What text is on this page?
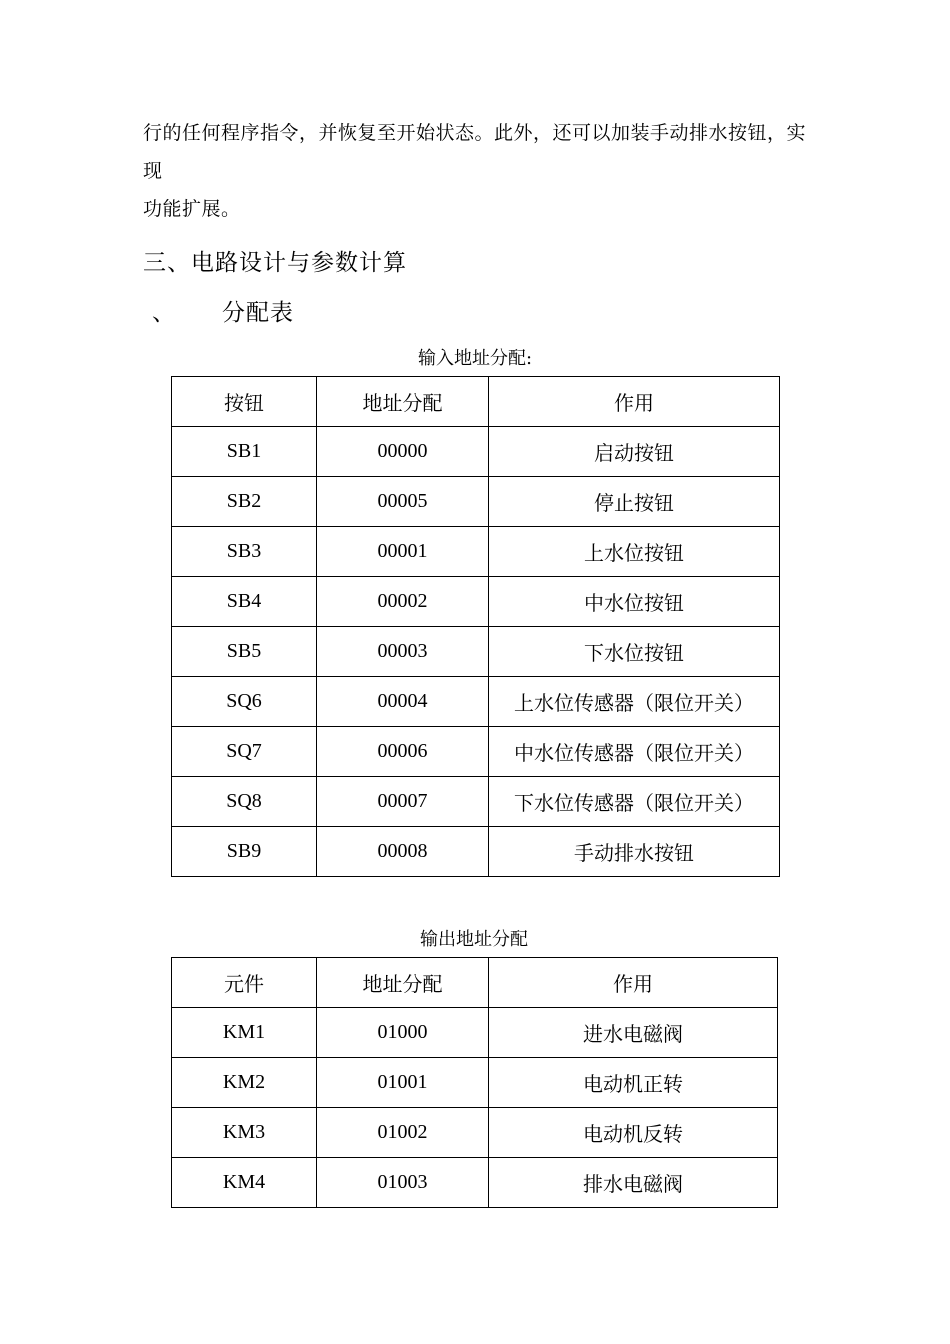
行的任何程序指令，并恢复至开始状态。此外，还可以加装手动排水按钮，实现
功能扩展。
三、电路设计与参数计算
、 分配表
输入地址分配:
按钮	地址分配	作用
SB1	00000	启动按钮
SB2	00005	停止按钮
SB3	00001	上水位按钮
SB4	00002	中水位按钮
SB5	00003	下水位按钮
SQ6	00004	上水位传感器（限位开关）
SQ7	00006	中水位传感器（限位开关）
SQ8	00007	下水位传感器（限位开关）
SB9	00008	手动排水按钮
输出地址分配
元件	地址分配	作用
KM1	01000	进水电磁阀
KM2	01001	电动机正转
KM3	01002	电动机反转
KM4	01003	排水电磁阀
